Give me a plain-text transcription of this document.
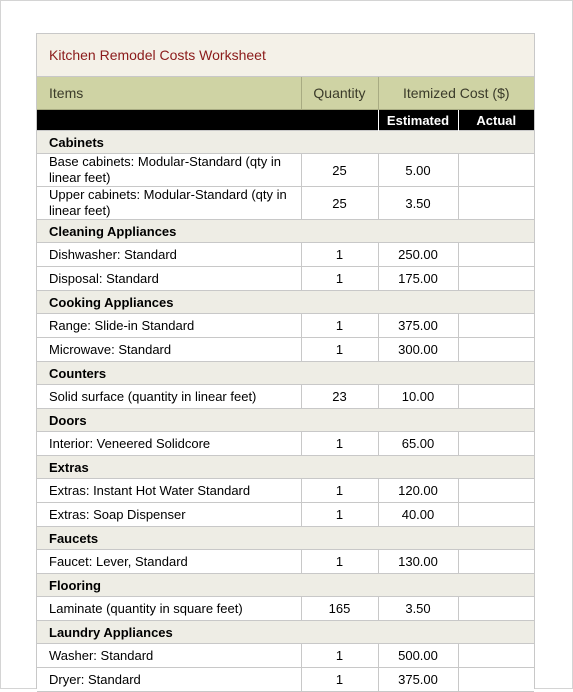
Kitchen Remodel Costs Worksheet
Items	Quantity	Itemized Cost ($)	
		Estimated	Actual
Cabinets			
Base cabinets: Modular-Standard (qty in linear feet)	25	5.00	
Upper cabinets: Modular-Standard (qty in linear feet)	25	3.50	
Cleaning Appliances			
Dishwasher: Standard	1	250.00	
Disposal: Standard	1	175.00	
Cooking Appliances			
Range: Slide-in Standard	1	375.00	
Microwave: Standard	1	300.00	
Counters			
Solid surface (quantity in linear feet)	23	10.00	
Doors			
Interior: Veneered Solidcore	1	65.00	
Extras			
Extras: Instant Hot Water Standard	1	120.00	
Extras: Soap Dispenser	1	40.00	
Faucets			
Faucet: Lever, Standard	1	130.00	
Flooring			
Laminate (quantity in square feet)	165	3.50	
Laundry Appliances			
Washer: Standard	1	500.00	
Dryer: Standard	1	375.00	
